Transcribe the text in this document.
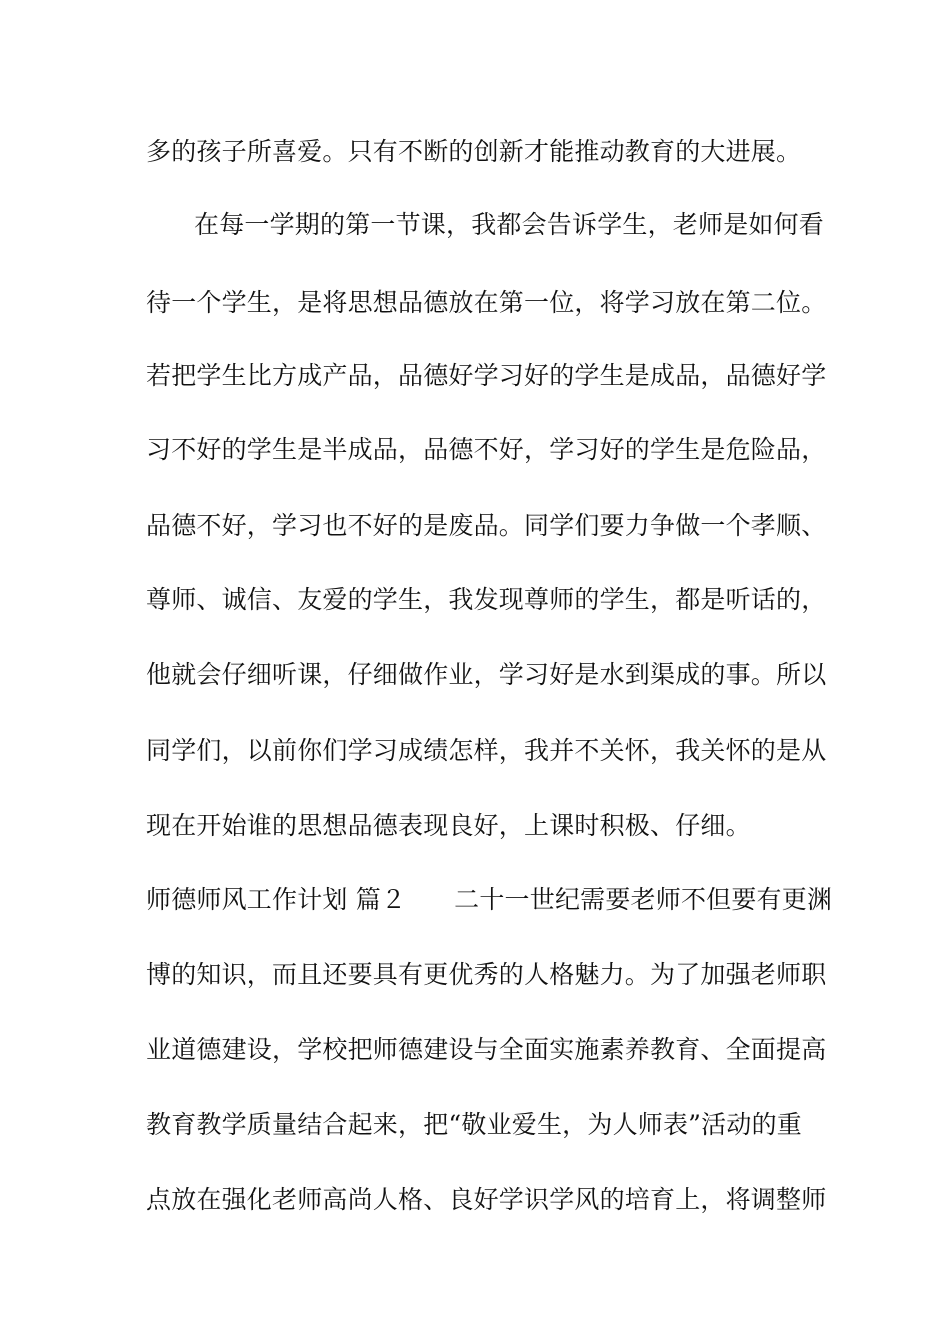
多的孩子所喜爱。只有不断的创新才能推动教育的大进展。
在每一学期的第一节课，我都会告诉学生，老师是如何看
待一个学生，是将思想品德放在第一位，将学习放在第二位。
若把学生比方成产品，品德好学习好的学生是成品，品德好学
习不好的学生是半成品，品德不好，学习好的学生是危险品，
品德不好，学习也不好的是废品。同学们要力争做一个孝顺、
尊师、诚信、友爱的学生，我发现尊师的学生，都是听话的，
他就会仔细听课，仔细做作业，学习好是水到渠成的事。所以
同学们，以前你们学习成绩怎样，我并不关怀，我关怀的是从
现在开始谁的思想品德表现良好，上课时积极、仔细。
师德师风工作计划 篇２ 二十一世纪需要老师不但要有更渊
博的知识，而且还要具有更优秀的人格魅力。为了加强老师职
业道德建设，学校把师德建设与全面实施素养教育、全面提高
教育教学质量结合起来，把“敬业爱生，为人师表”活动的重
点放在强化老师高尚人格、良好学识学风的培育上，将调整师
